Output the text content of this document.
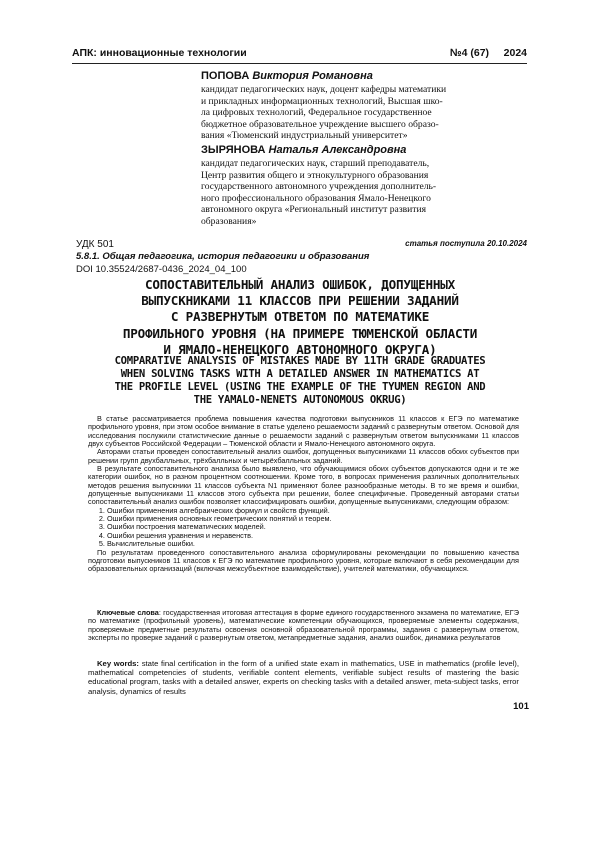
АПК: инновационные технологии	№4 (67) 2024
ПОПОВА Виктория Романовна
кандидат педагогических наук, доцент кафедры математики
и прикладных информационных технологий, Высшая шко-
ла цифровых технологий, Федеральное государственное
бюджетное образовательное учреждение высшего образо-
вания «Тюменский индустриальный университет»
ЗЫРЯНОВА Наталья Александровна
кандидат педагогических наук, старший преподаватель,
Центр развития общего и этнокультурного образования
государственного автономного учреждения дополнитель-
ного профессионального образования Ямало-Ненецкого
автономного округа «Региональный институт развития
образования»
УДК 501	статья поступила 20.10.2024
5.8.1. Общая педагогика, история педагогики и образования
DOI 10.35524/2687-0436_2024_04_100
СОПОСТАВИТЕЛЬНЫЙ АНАЛИЗ ОШИБОК, ДОПУЩЕННЫХ
ВЫПУСКНИКАМИ 11 КЛАССОВ ПРИ РЕШЕНИИ ЗАДАНИЙ
С РАЗВЕРНУТЫМ ОТВЕТОМ ПО МАТЕМАТИКЕ
ПРОФИЛЬНОГО УРОВНЯ (НА ПРИМЕРЕ ТЮМЕНСКОЙ ОБЛАСТИ
И ЯМАЛО-НЕНЕЦКОГО АВТОНОМНОГО ОКРУГА)
COMPARATIVE ANALYSIS OF MISTAKES MADE BY 11TH GRADE GRADUATES
WHEN SOLVING TASKS WITH A DETAILED ANSWER IN MATHEMATICS AT
THE PROFILE LEVEL (USING THE EXAMPLE OF THE TYUMEN REGION AND
THE YAMALO-NENETS AUTONOMOUS OKRUG)

В статье рассматривается проблема повышения качества подготовки выпускников 11 классов к ЕГЭ по математике профильного уровня, при этом особое внимание в статье уделено решаемости заданий с развернутым ответом. Основой для исследования послужили статистические данные о решаемости заданий с развернутым ответом выпускниками 11 классов двух субъектов Российской Федерации – Тюменской области и Ямало-Ненецкого автономного округа.

Авторами статьи проведен сопоставительный анализ ошибок, допущенных выпускниками 11 классов обоих субъектов при решении групп двухбалльных, трёхбалльных и четырёхбалльных заданий.

В результате сопоставительного анализа было выявлено, что обучающимися обоих субъектов допускаются одни и те же категории ошибок, но в разном процентном соотношении. Кроме того, в вопросах применения различных дополнительных методов решения выпускники 11 классов субъекта N1 применяют более разнообразные методы. В то же время и ошибки, допущенные выпускниками 11 классов этого субъекта при решении, более специфичные. Проведенный авторами статьи сопоставительный анализ ошибок позволяет классифицировать ошибки, допущенные выпускниками, следующим образом:

1. Ошибки применения алгебраических формул и свойств функций.
2. Ошибки применения основных геометрических понятий и теорем.
3. Ошибки построения математических моделей.
4. Ошибки решения уравнения и неравенств.
5. Вычислительные ошибки.

По результатам проведенного сопоставительного анализа сформулированы рекомендации по повышению качества подготовки выпускников 11 классов к ЕГЭ по математике профильного уровня, которые включают в себя рекомендации для образовательных организаций (включая межсубъектное взаимодействие), учителей математики, обучающихся.

Ключевые слова: государственная итоговая аттестация в форме единого государственного экзамена по математике, ЕГЭ по математике (профильный уровень), математические компетенции обучающихся, проверяемые элементы содержания, проверяемые предметные результаты освоения основной образовательной программы, задания с развернутым ответом, эксперты по проверке заданий с развернутым ответом, метапредметные задания, анализ ошибок, динамика результатов

Key words: state final certification in the form of a unified state exam in mathematics, USE in mathematics (profile level), mathematical competencies of students, verifiable content elements, verifiable subject results of mastering the basic educational program, tasks with a detailed answer, experts on checking tasks with a detailed answer, meta-subject tasks, error analysis, dynamics of results

101
